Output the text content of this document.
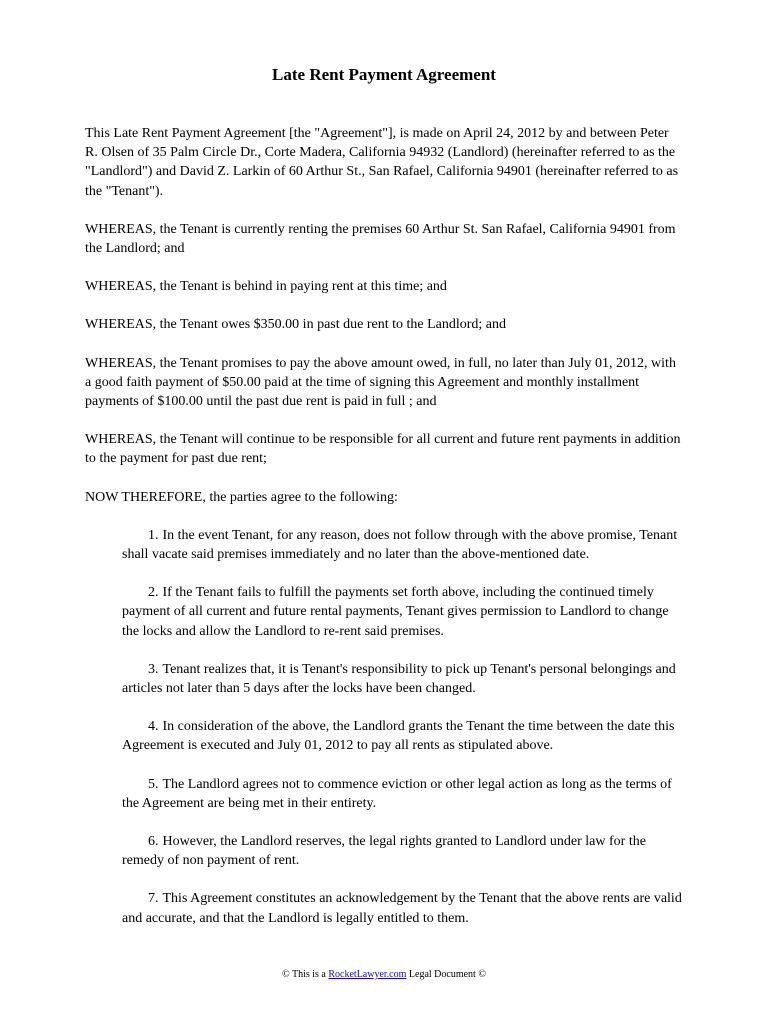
Late Rent Payment Agreement

This Late Rent Payment Agreement [the "Agreement"], is made on April 24, 2012 by and between Peter R. Olsen of 35 Palm Circle Dr., Corte Madera, California 94932 (Landlord) (hereinafter referred to as the "Landlord") and David Z. Larkin of 60 Arthur St., San Rafael, California 94901 (hereinafter referred to as the "Tenant").

WHEREAS, the Tenant is currently renting the premises 60 Arthur St. San Rafael, California 94901 from the Landlord; and

WHEREAS, the Tenant is behind in paying rent at this time; and

WHEREAS, the Tenant owes $350.00 in past due rent to the Landlord; and

WHEREAS, the Tenant promises to pay the above amount owed, in full, no later than July 01, 2012, with a good faith payment of $50.00 paid at the time of signing this Agreement and monthly installment payments of $100.00 until the past due rent is paid in full ; and

WHEREAS, the Tenant will continue to be responsible for all current and future rent payments in addition to the payment for past due rent;

NOW THEREFORE, the parties agree to the following:

1. In the event Tenant, for any reason, does not follow through with the above promise, Tenant shall vacate said premises immediately and no later than the above-mentioned date.
2. If the Tenant fails to fulfill the payments set forth above, including the continued timely payment of all current and future rental payments, Tenant gives permission to Landlord to change the locks and allow the Landlord to re-rent said premises.
3. Tenant realizes that, it is Tenant's responsibility to pick up Tenant's personal belongings and articles not later than 5 days after the locks have been changed.
4. In consideration of the above, the Landlord grants the Tenant the time between the date this Agreement is executed and July 01, 2012 to pay all rents as stipulated above.
5. The Landlord agrees not to commence eviction or other legal action as long as the terms of the Agreement are being met in their entirety.
6. However, the Landlord reserves, the legal rights granted to Landlord under law for the remedy of non payment of rent.
7. This Agreement constitutes an acknowledgement by the Tenant that the above rents are valid and accurate, and that the Landlord is legally entitled to them.
© This is a RocketLawyer.com Legal Document ©
